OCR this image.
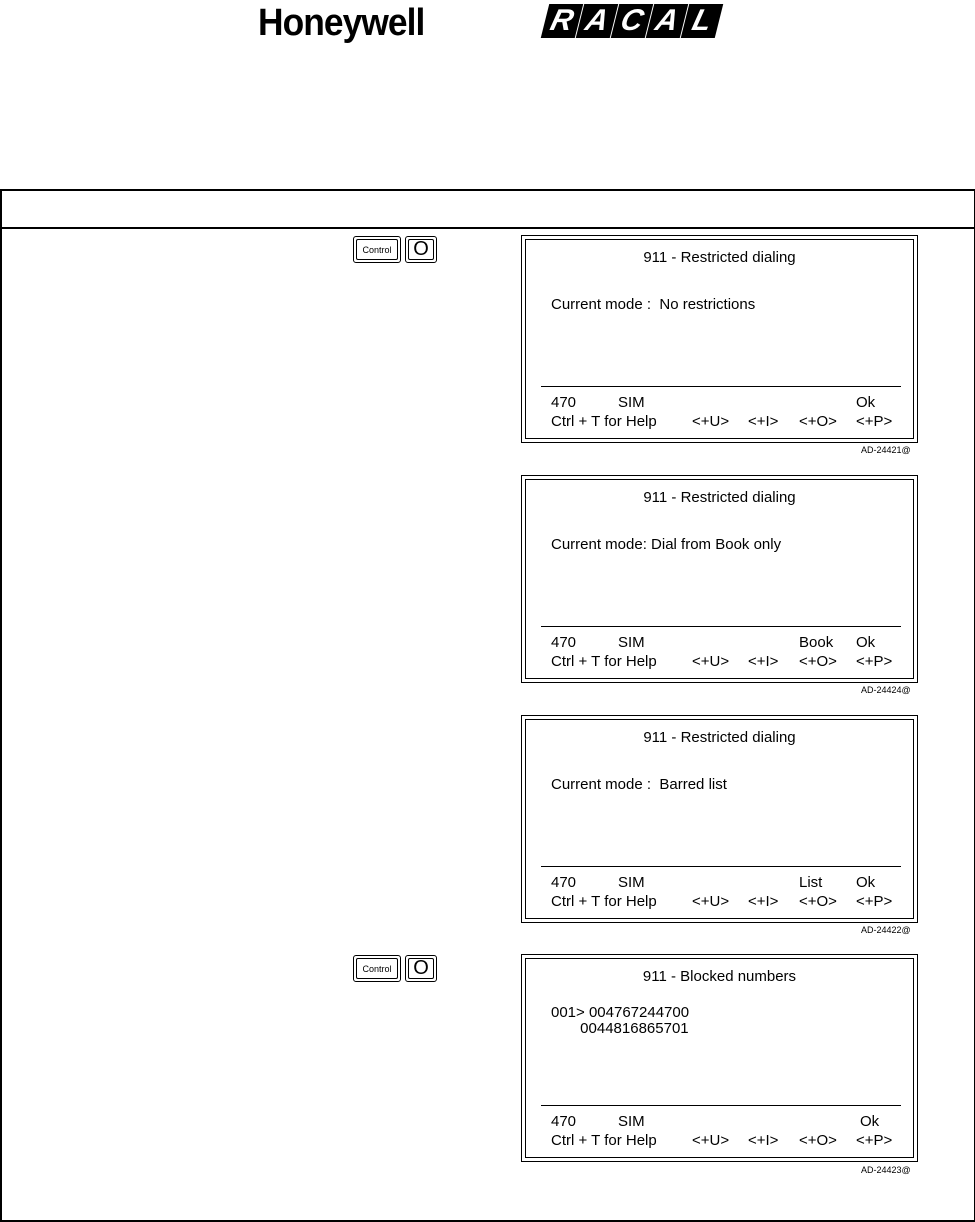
Honeywell	R A C A L
Control	O
Control	O
911 - Restricted dialing
Current mode :  No restrictions
470	SIM	Ok
Ctrl + T for Help <+U> <+I> <+O> <+P>
AD-24421@
911 - Restricted dialing
Current mode: Dial from Book only
470	SIM	Book Ok
Ctrl + T for Help <+U> <+I> <+O> <+P>
AD-24424@
911 - Restricted dialing
Current mode :  Barred list
470	SIM	List Ok
Ctrl + T for Help <+U> <+I> <+O> <+P>
AD-24422@
911 - Blocked numbers
001> 004767244700
0044816865701
470	SIM	Ok
Ctrl + T for Help <+U> <+I> <+O> <+P>
AD-24423@
